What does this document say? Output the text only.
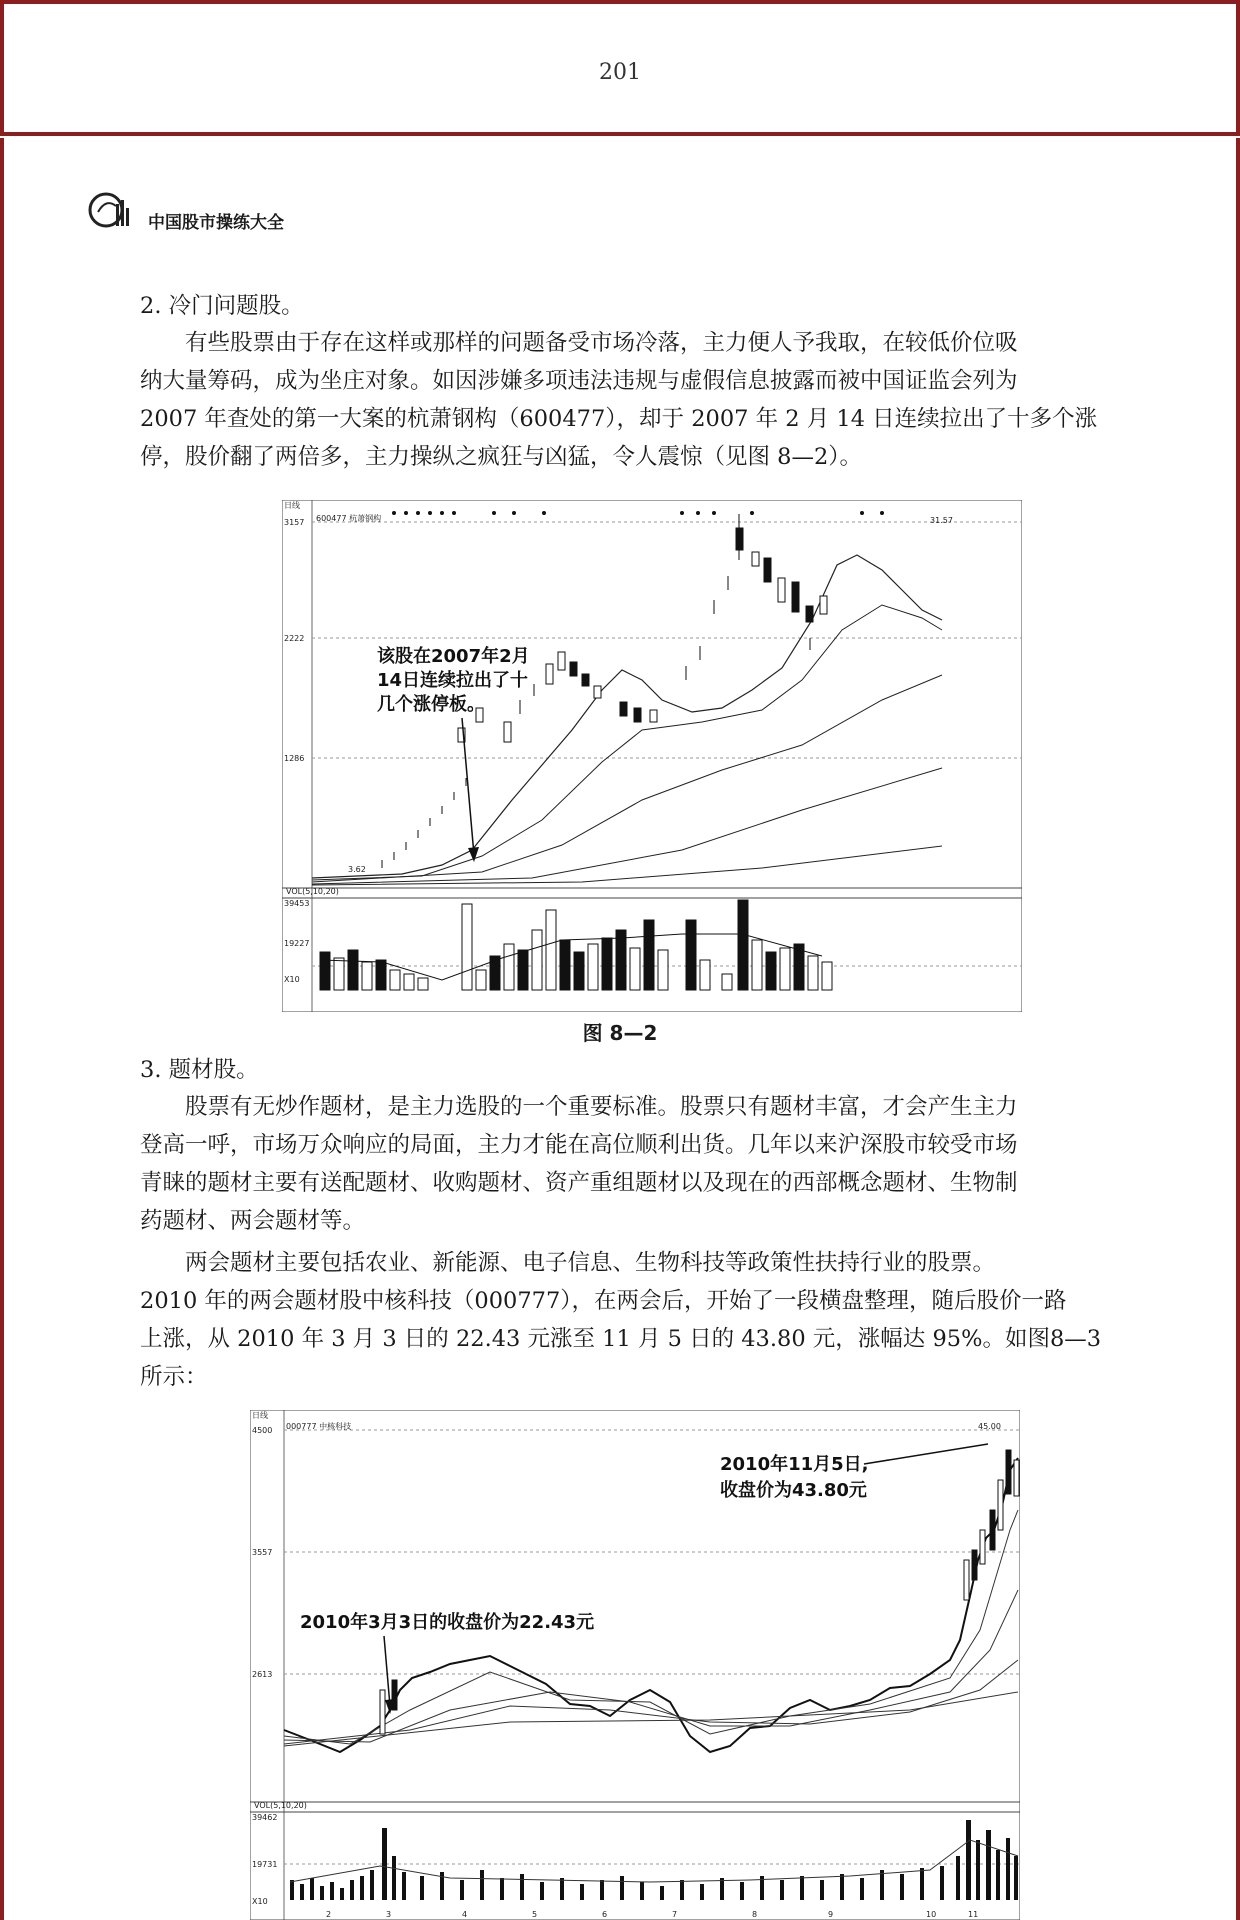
201
中国股市操练大全
2. 冷门问题股。
有些股票由于存在这样或那样的问题备受市场冷落，主力便人予我取，在较低价位吸
纳大量筹码，成为坐庄对象。如因涉嫌多项违法违规与虚假信息披露而被中国证监会列为
2007 年查处的第一大案的杭萧钢构（600477），却于 2007 年 2 月 14 日连续拉出了十多个涨
停，股价翻了两倍多，主力操纵之疯狂与凶猛，令人震惊（见图 8—2）。
日线
600477 杭萧钢构
3157
2222
1286
31.57
3.62
VOL(5,10,20)
39453
19227
X10
该股在2007年2月
14日连续拉出了十
几个涨停板。
图 8—2
3. 题材股。
股票有无炒作题材，是主力选股的一个重要标准。股票只有题材丰富，才会产生主力
登高一呼，市场万众响应的局面，主力才能在高位顺利出货。几年以来沪深股市较受市场
青睐的题材主要有送配题材、收购题材、资产重组题材以及现在的西部概念题材、生物制
药题材、两会题材等。
两会题材主要包括农业、新能源、电子信息、生物科技等政策性扶持行业的股票。
2010 年的两会题材股中核科技（000777），在两会后，开始了一段横盘整理，随后股价一路
上涨，从 2010 年 3 月 3 日的 22.43 元涨至 11 月 5 日的 43.80 元，涨幅达 95%。如图8—3
所示：
日线
000777 中核科技
4500
3557
2613
45.00
VOL(5,10,20)
39462
19731
X10
2	3	4	5	6	7	8	9	10	11
2010年11月5日,
收盘价为43.80元
2010年3月3日的收盘价为22.43元
